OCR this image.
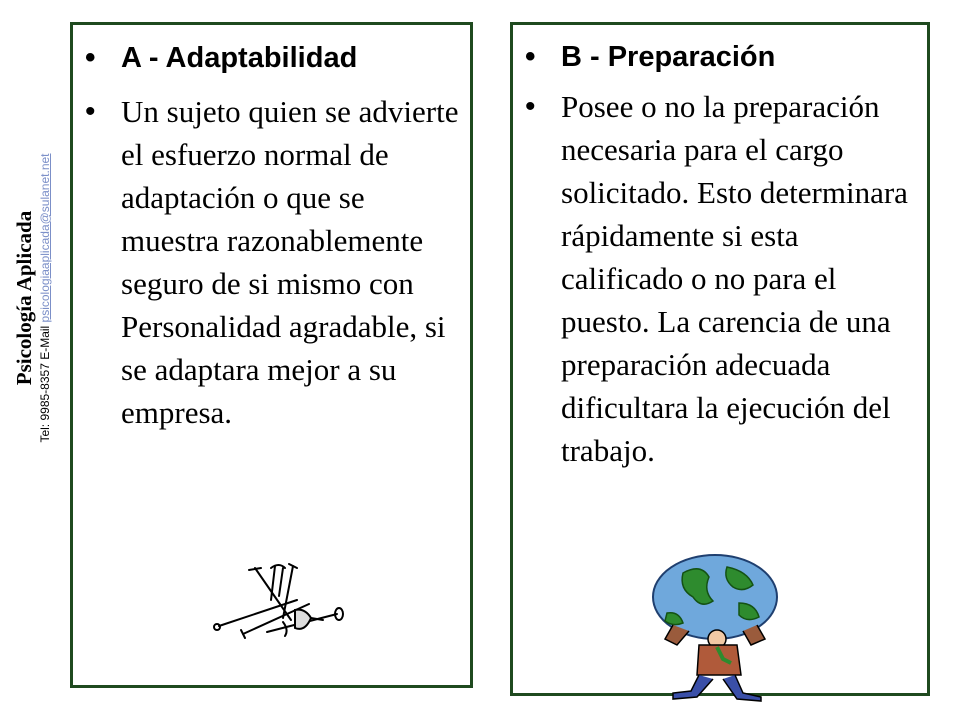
Psicología Aplicada Tel: 9985-8357 E-Mail psicologiaaplicada@sulanet.net
• A - Adaptabilidad
• Un sujeto quien se advierte el esfuerzo normal de adaptación o que se muestra razonablemente seguro de si mismo con Personalidad agradable, si se adaptara mejor a su empresa.
• B - Preparación
• Posee o no la preparación necesaria para el cargo solicitado. Esto determinara rápidamente si esta calificado o no para el puesto. La carencia de una preparación adecuada dificultara la ejecución del trabajo.
